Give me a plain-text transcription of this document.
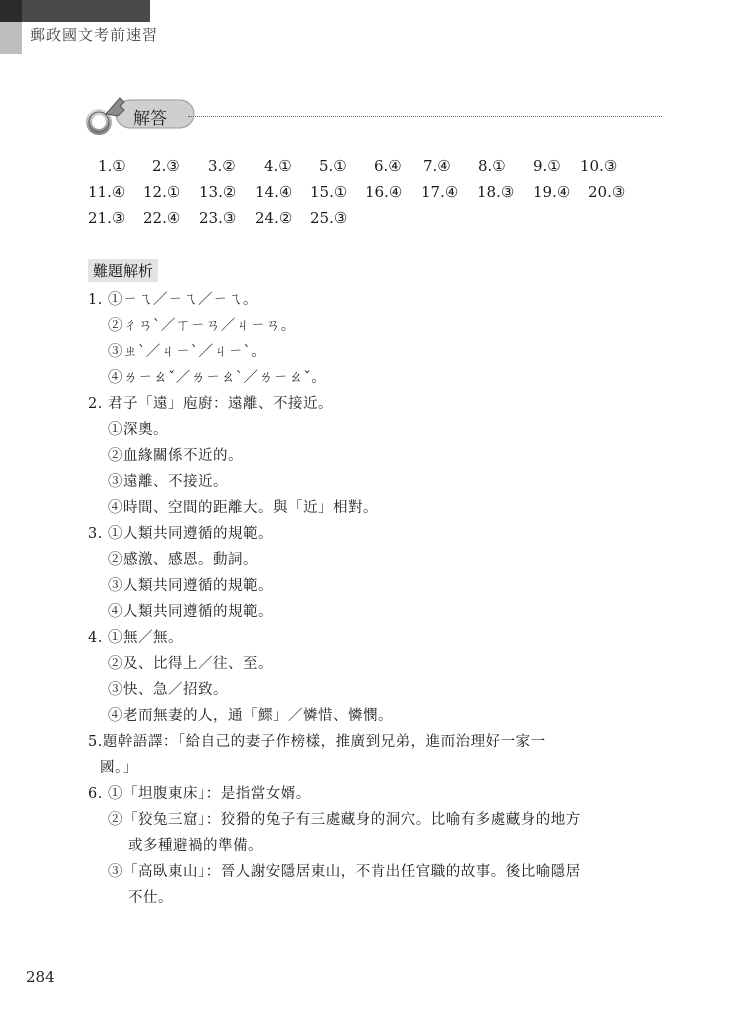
郵政國文考前速習
解答
1.① 2.③ 3.② 4.① 5.① 6.④ 7.④ 8.① 9.① 10.③
11.④ 12.① 13.② 14.④ 15.① 16.④ 17.④ 18.③ 19.④ 20.③
21.③ 22.④ 23.③ 24.② 25.③
難題解析
1. ①ㄧㄟ／ㄧㄟ／ㄧㄟ。
②ㄔㄢˋ／ㄒㄧㄢ／ㄐㄧㄢ。
③ㄓˋ／ㄐㄧˋ／ㄐㄧˋ。
④ㄌㄧㄠˇ／ㄌㄧㄠˋ／ㄌㄧㄠˇ。
2. 君子「遠」庖廚：遠離、不接近。
①深奧。
②血緣關係不近的。
③遠離、不接近。
④時間、空間的距離大。與「近」相對。
3. ①人類共同遵循的規範。
②感激、感恩。動詞。
③人類共同遵循的規範。
④人類共同遵循的規範。
4. ①無／無。
②及、比得上／往、至。
③快、急／招致。
④老而無妻的人，通「鰥」／憐惜、憐憫。
5.題幹語譯：「給自己的妻子作榜樣，推廣到兄弟，進而治理好一家一
國。」
6. ①「坦腹東床」：是指當女婿。
②「狡兔三窟」：狡猾的兔子有三處藏身的洞穴。比喻有多處藏身的地方
或多種避禍的準備。
③「高臥東山」：晉人謝安隱居東山，不肯出任官職的故事。後比喻隱居
不仕。
284
